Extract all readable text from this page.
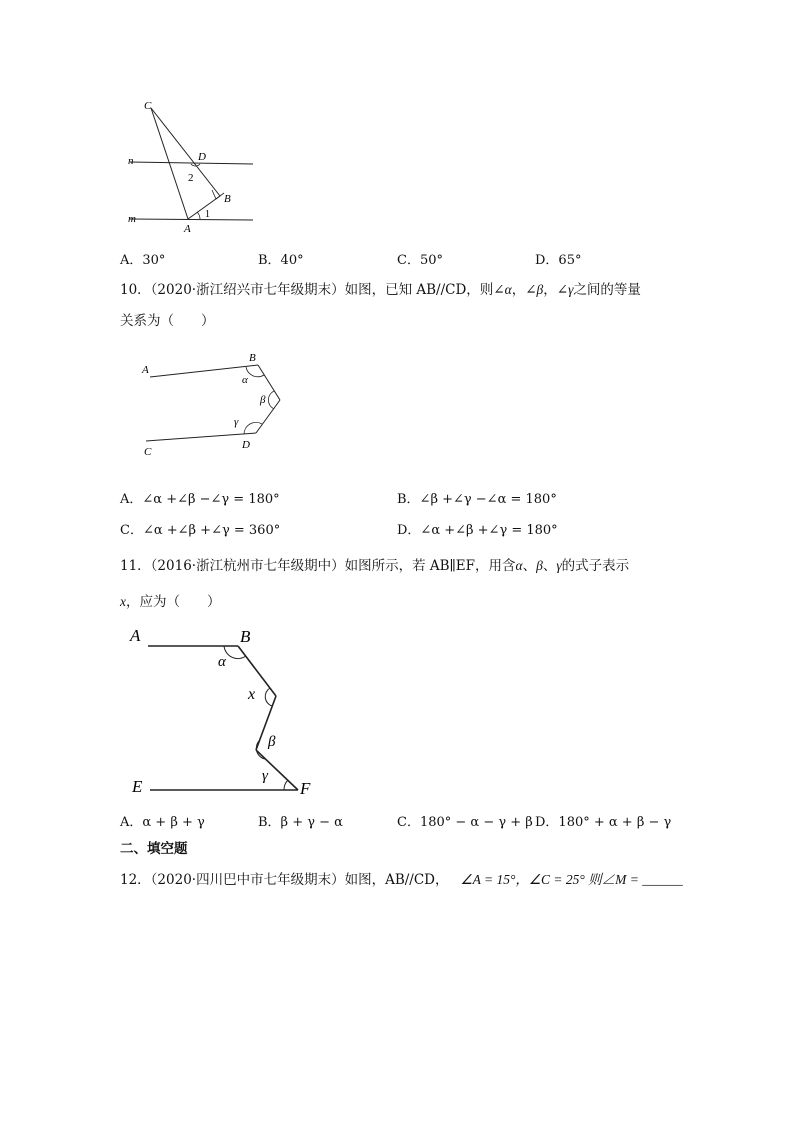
C
D
n
2
B
1
m
A
A．30°	B．40°	C．50°	D．65°
10．（2020·浙江绍兴市七年级期末）如图，已知 AB//CD，则∠α，∠β，∠γ之间的等量
关系为（　　）
A
B
α
β
γ
D
C
A．∠α +∠β −∠γ = 180°	B．∠β +∠γ −∠α = 180°
C．∠α +∠β +∠γ = 360°	D．∠α +∠β +∠γ = 180°
11．（2016·浙江杭州市七年级期中）如图所示，若 AB∥EF，用含α、β、γ的式子表示
x，应为（　　）
A	B
α
x
β
γ
E	F
A．α + β + γ	B．β + γ − α	C．180° − α − γ + β D．180° + α + β − γ
二、填空题
12．（2020·四川巴中市七年级期末）如图，AB//CD， ∠A = 15°，∠C = 25° 则∠M = ______
